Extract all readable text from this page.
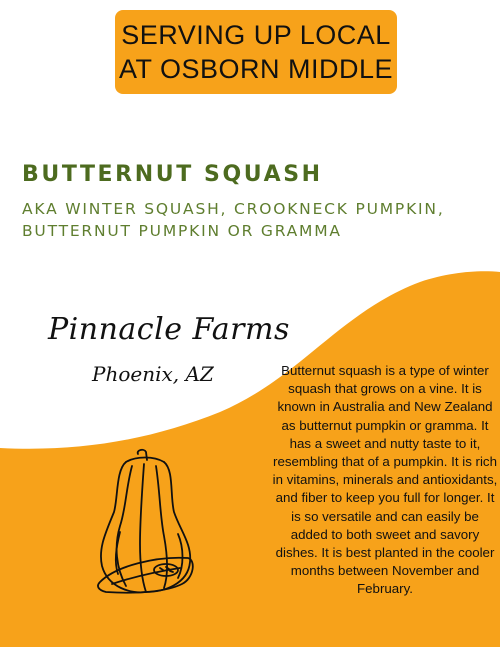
SERVING UP LOCAL
AT OSBORN MIDDLE
BUTTERNUT SQUASH
AKA WINTER SQUASH, CROOKNECK PUMPKIN,
BUTTERNUT PUMPKIN OR GRAMMA
Pinnacle Farms
Phoenix, AZ	Butternut squash is a type of winter squash that grows on a vine. It is known in Australia and New Zealand as butternut pumpkin or gramma. It has a sweet and nutty taste to it, resembling that of a pumpkin. It is rich in vitamins, minerals and antioxidants, and fiber to keep you full for longer. It is so versatile and can easily be added to both sweet and savory dishes. It is best planted in the cooler months between November and February.
